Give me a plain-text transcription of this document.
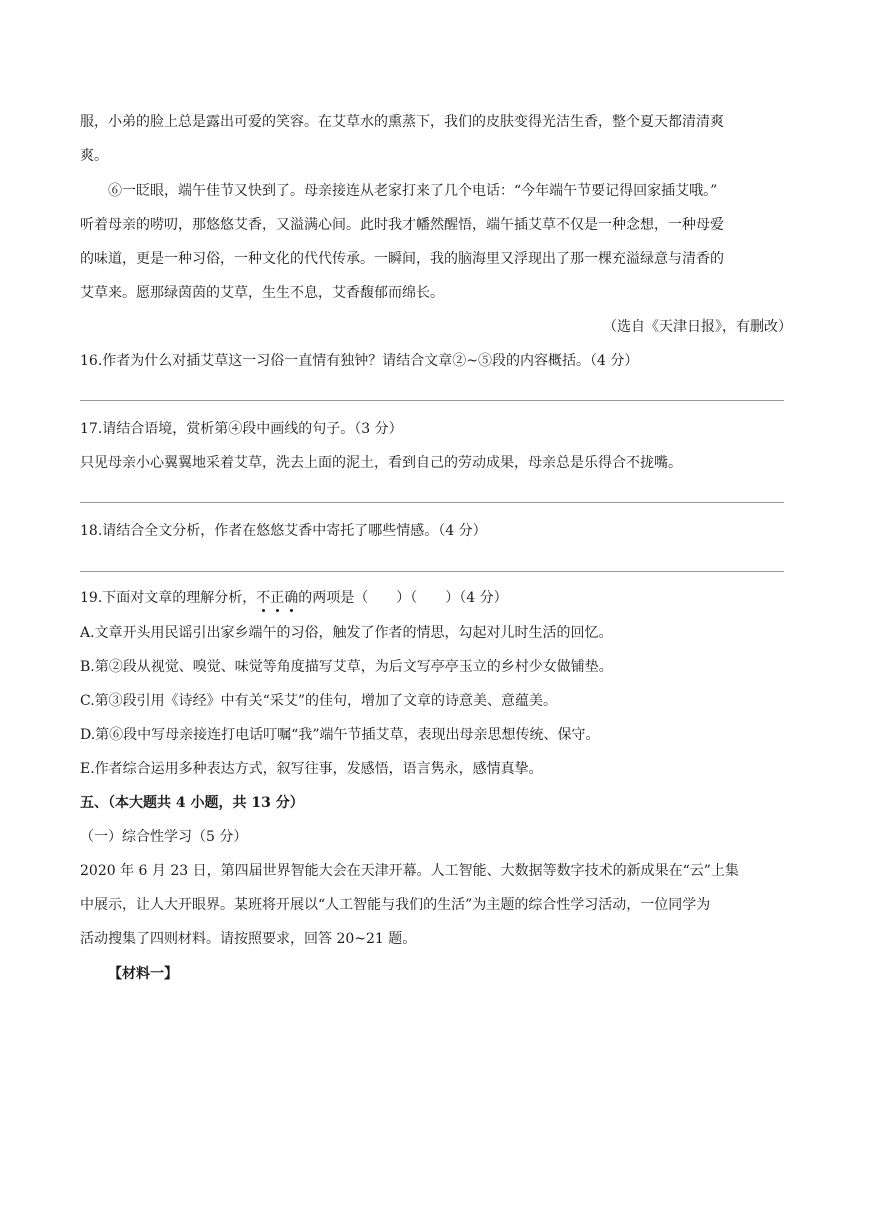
服，小弟的脸上总是露出可爱的笑容。在艾草水的熏蒸下，我们的皮肤变得光洁生香，整个夏天都清清爽

爽。

⑥一眨眼，端午佳节又快到了。母亲接连从老家打来了几个电话：“今年端午节要记得回家插艾哦。”

听着母亲的唠叨，那悠悠艾香，又溢满心间。此时我才幡然醒悟，端午插艾草不仅是一种念想，一种母爱

的味道，更是一种习俗，一种文化的代代传承。一瞬间，我的脑海里又浮现出了那一棵充溢绿意与清香的

艾草来。愿那绿茵茵的艾草，生生不息，艾香馥郁而绵长。

（选自《天津日报》，有删改）

16.作者为什么对插艾草这一习俗一直情有独钟？请结合文章②~⑤段的内容概括。（4 分）

17.请结合语境，赏析第④段中画线的句子。（3 分）

只见母亲小心翼翼地采着艾草，洗去上面的泥土，看到自己的劳动成果，母亲总是乐得合不拢嘴。

18.请结合全文分析，作者在悠悠艾香中寄托了哪些情感。（4 分）

19.下面对文章的理解分析，不
正
确
的两项是（　　）（　　）（4 分）

A.文章开头用民谣引出家乡端午的习俗，触发了作者的情思，勾起对儿时生活的回忆。

B.第②段从视觉、嗅觉、味觉等角度描写艾草，为后文写亭亭玉立的乡村少女做铺垫。

C.第③段引用《诗经》中有关“采艾”的佳句，增加了文章的诗意美、意蕴美。

D.第⑥段中写母亲接连打电话叮嘱“我”端午节插艾草，表现出母亲思想传统、保守。

E.作者综合运用多种表达方式，叙写往事，发感悟，语言隽永，感情真挚。

五、（本大题共 4 小题，共 13 分）

（一）综合性学习（5 分）

2020 年 6 月 23 日，第四届世界智能大会在天津开幕。人工智能、大数据等数字技术的新成果在“云”上集

中展示，让人大开眼界。某班将开展以“人工智能与我们的生活”为主题的综合性学习活动，一位同学为

活动搜集了四则材料。请按照要求，回答 20~21 题。

【材料一】
